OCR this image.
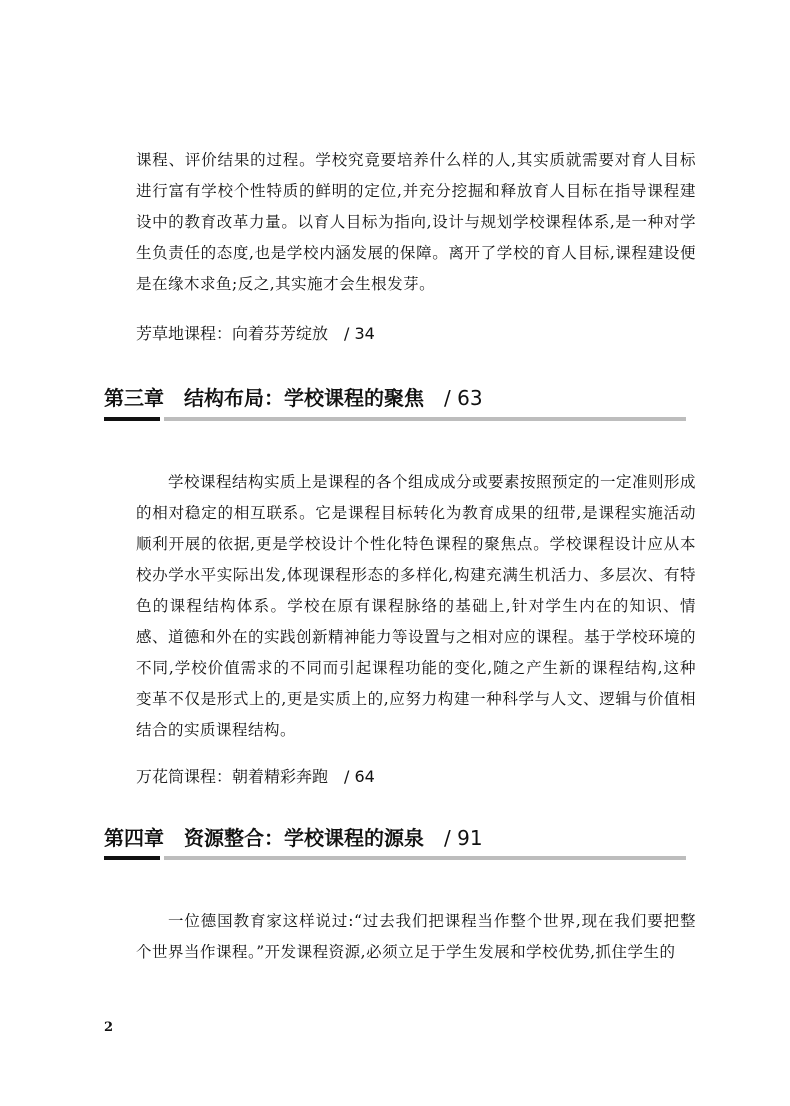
课程、评价结果的过程。学校究竟要培养什么样的人,其实质就需要对育人目标进行富有学校个性特质的鲜明的定位,并充分挖掘和释放育人目标在指导课程建设中的教育改革力量。以育人目标为指向,设计与规划学校课程体系,是一种对学生负责任的态度,也是学校内涵发展的保障。离开了学校的育人目标,课程建设便是在缘木求鱼;反之,其实施才会生根发芽。

芳草地课程：向着芬芳绽放　/ 34
第三章　结构布局：学校课程的聚焦　/ 63

学校课程结构实质上是课程的各个组成成分或要素按照预定的一定准则形成的相对稳定的相互联系。它是课程目标转化为教育成果的纽带,是课程实施活动顺利开展的依据,更是学校设计个性化特色课程的聚焦点。学校课程设计应从本校办学水平实际出发,体现课程形态的多样化,构建充满生机活力、多层次、有特色的课程结构体系。学校在原有课程脉络的基础上,针对学生内在的知识、情感、道德和外在的实践创新精神能力等设置与之相对应的课程。基于学校环境的不同,学校价值需求的不同而引起课程功能的变化,随之产生新的课程结构,这种变革不仅是形式上的,更是实质上的,应努力构建一种科学与人文、逻辑与价值相结合的实质课程结构。

万花筒课程：朝着精彩奔跑　/ 64
第四章　资源整合：学校课程的源泉　/ 91

一位德国教育家这样说过:“过去我们把课程当作整个世界,现在我们要把整个世界当作课程。”开发课程资源,必须立足于学生发展和学校优势,抓住学生的

2
